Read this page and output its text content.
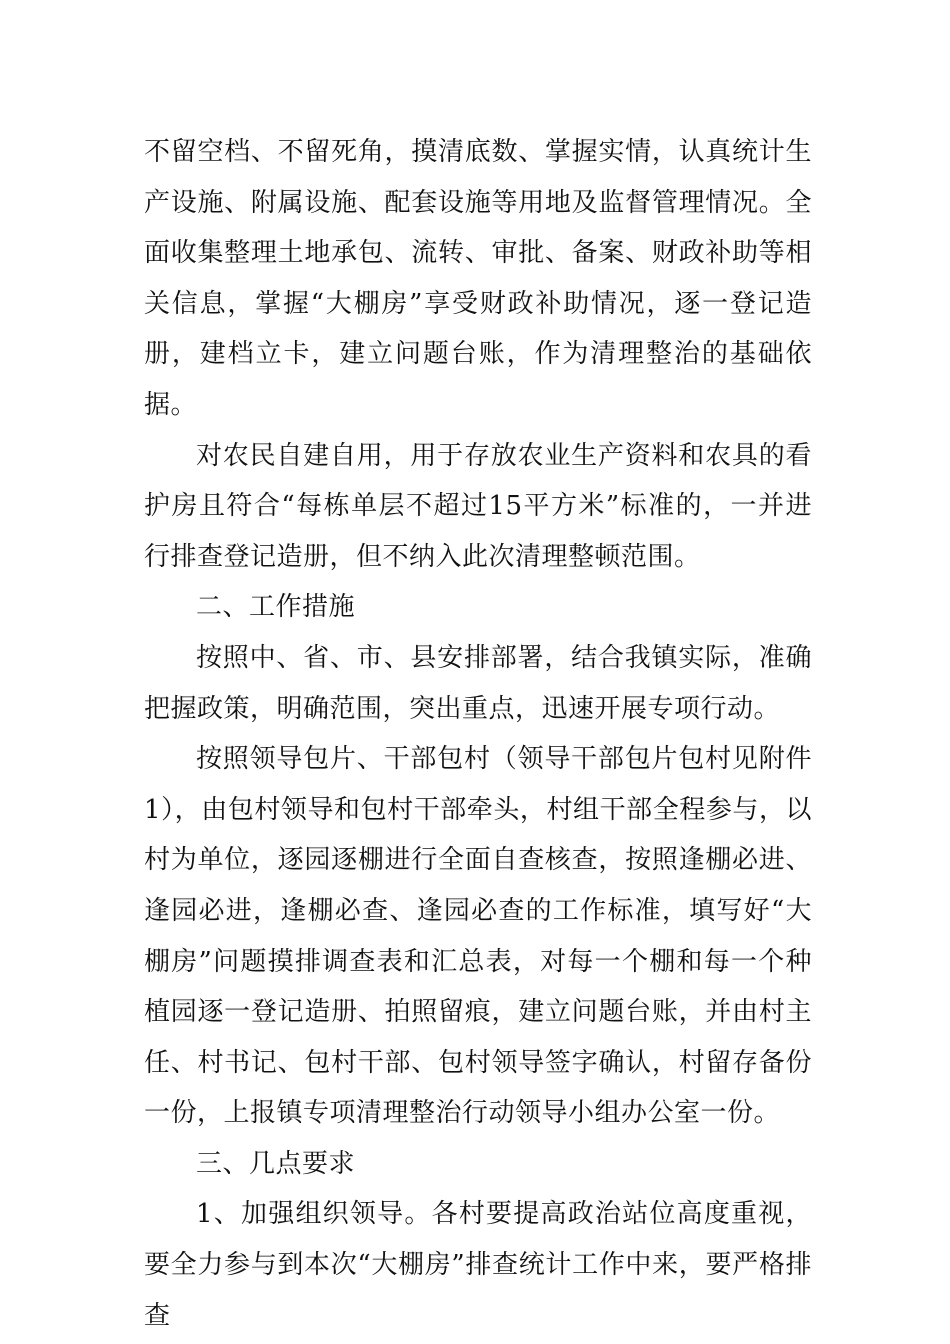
不留空档、不留死角，摸清底数、掌握实情，认真统计生产设施、附属设施、配套设施等用地及监督管理情况。全面收集整理土地承包、流转、审批、备案、财政补助等相关信息，掌握“大棚房”享受财政补助情况，逐一登记造册，建档立卡，建立问题台账，作为清理整治的基础依据。

对农民自建自用，用于存放农业生产资料和农具的看护房且符合“每栋单层不超过15平方米”标准的，一并进行排查登记造册，但不纳入此次清理整顿范围。

二、工作措施

按照中、省、市、县安排部署，结合我镇实际，准确把握政策，明确范围，突出重点，迅速开展专项行动。

按照领导包片、干部包村（领导干部包片包村见附件1），由包村领导和包村干部牵头，村组干部全程参与，以村为单位，逐园逐棚进行全面自查核查，按照逢棚必进、逢园必进，逢棚必查、逢园必查的工作标准，填写好“大棚房”问题摸排调查表和汇总表，对每一个棚和每一个种植园逐一登记造册、拍照留痕，建立问题台账，并由村主任、村书记、包村干部、包村领导签字确认，村留存备份一份，上报镇专项清理整治行动领导小组办公室一份。

三、几点要求

1、加强组织领导。各村要提高政治站位高度重视，要全力参与到本次“大棚房”排查统计工作中来，要严格排查
